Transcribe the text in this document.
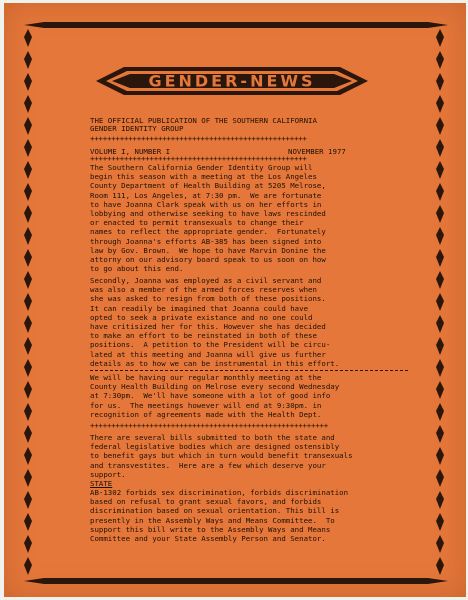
GENDER-NEWS
THE OFFICIAL PUBLICATION OF THE SOUTHERN CALIFORNIA
GENDER IDENTITY GROUP
+++++++++++++++++++++++++++++++++++++++++++++++++++
VOLUME I, NUMBER I	NOVEMBER 1977
+++++++++++++++++++++++++++++++++++++++++++++++++++
The Southern California Gender Identity Group will
begin this season with a meeting at the Los Angeles
County Department of Health Building at 5205 Melrose,
Room 111, Los Angeles, at 7:30 pm.  We are fortunate
to have Joanna Clark speak with us on her efforts in
lobbying and otherwise seeking to have laws rescinded
or enacted to permit transexuals to change their
names to reflect the appropriate gender.  Fortunately
through Joanna's efforts AB-385 has been signed into
law by Gov. Brown.  We hope to have Marvin Donine the
attorny on our advisory board speak to us soon on how
to go about this end.
Secondly, Joanna was employed as a civil servant and
was also a member of the armed forces reserves when
she was asked to resign from both of these positions.
It can readily be imagined that Joanna could have
opted to seek a private existance and no one could
have critisized her for this. However she has decided
to make an effort to be reinstated in both of these
positions.  A petition to the President will be circu-
lated at this meeting and Joanna will give us further
details as to how we can be instrumental in this effort.
We will be having our regular monthly meeting at the
County Health Building on Melrose every second Wednesday
at 7:30pm.  We'll have someone with a lot of good info
for us.  The meetings however will end at 9:30pm. in
recognition of agreements made with the Health Dept.
++++++++++++++++++++++++++++++++++++++++++++++++++++++++
There are several bills submitted to both the state and
federal legislative bodies which are designed ostensibly
to benefit gays but which in turn would benefit transexuals
and transvestites.  Here are a few which deserve your
support.
STATE
AB-1302 forbids sex discrimination, forbids discrimination
based on refusal to grant sexual favors, and forbids
discrimination based on sexual orientation. This bill is
presently in the Assembly Ways and Means Committee.  To
support this bill write to the Assembly Ways and Means
Committee and your State Assembly Person and Senator.
